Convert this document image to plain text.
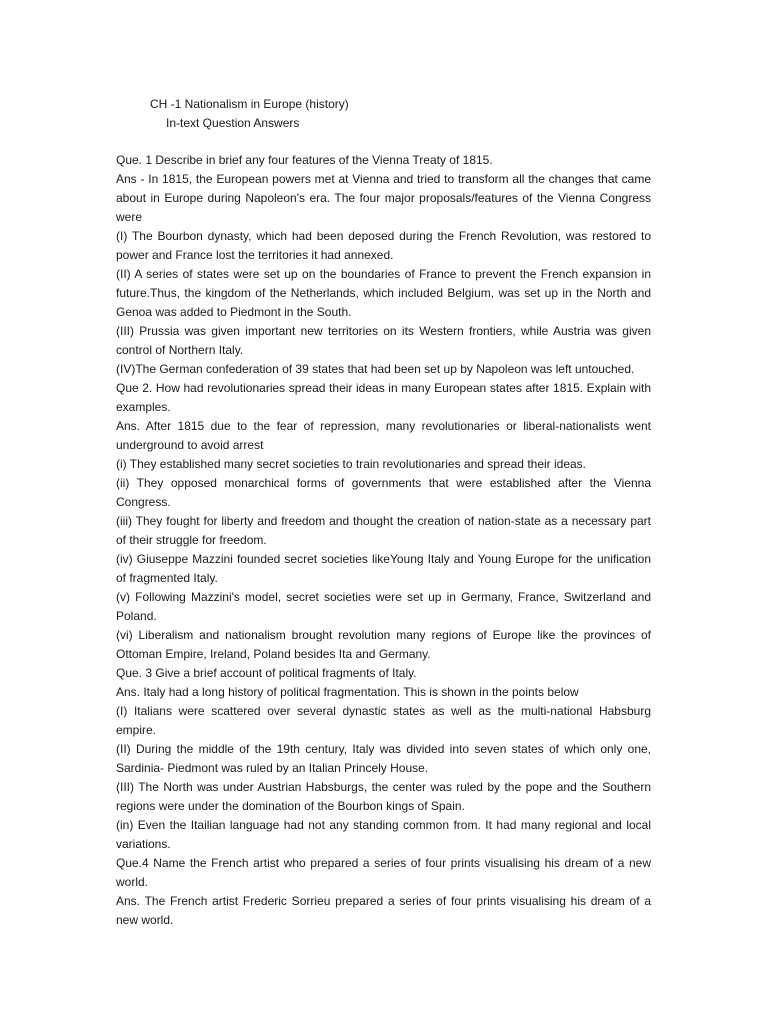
CH -1 Nationalism in Europe (history)
In-text Question Answers

Que. 1 Describe in brief any four features of the Vienna Treaty of 1815.

Ans - In 1815, the European powers met at Vienna and tried to transform all the changes that came about in Europe during Napoleon's era. The four major proposals/features of the Vienna Congress were

(I) The Bourbon dynasty, which had been deposed during the French Revolution, was restored to power and France lost the territories it had annexed.

(II) A series of states were set up on the boundaries of France to prevent the French expansion in future.Thus, the kingdom of the Netherlands, which included Belgium, was set up in the North and Genoa was added to Piedmont in the South.

(III) Prussia was given important new territories on its Western frontiers, while Austria was given control of Northern Italy.

(IV)The German confederation of 39 states that had been set up by Napoleon was left untouched.

Que 2. How had revolutionaries spread their ideas in many European states after 1815. Explain with examples.

Ans. After 1815 due to the fear of repression, many revolutionaries or liberal-nationalists went underground to avoid arrest

(i) They established many secret societies to train revolutionaries and spread their ideas.

(ii) They opposed monarchical forms of governments that were established after the Vienna Congress.

(iii) They fought for liberty and freedom and thought the creation of nation-state as a necessary part of their struggle for freedom.

(iv) Giuseppe Mazzini founded secret societies likeYoung Italy and Young Europe for the unification of fragmented Italy.

(v) Following Mazzini's model, secret societies were set up in Germany, France, Switzerland and Poland.

(vi) Liberalism and nationalism brought revolution many regions of Europe like the provinces of Ottoman Empire, Ireland, Poland besides Ita and Germany.

Que. 3 Give a brief account of political fragments of Italy.

Ans. Italy had a long history of political fragmentation. This is shown in the points below

(I) Italians were scattered over several dynastic states as well as the multi-national Habsburg empire.

(II) During the middle of the 19th century, Italy was divided into seven states of which only one, Sardinia- Piedmont was ruled by an Italian Princely House.

(III) The North was under Austrian Habsburgs, the center was ruled by the pope and the Southern regions were under the domination of the Bourbon kings of Spain.

(in) Even the Itailian language had not any standing common from. It had many regional and local variations.

Que.4 Name the French artist who prepared a series of four prints visualising his dream of a new world.

Ans. The French artist Frederic Sorrieu prepared a series of four prints visualising his dream of a new world.
